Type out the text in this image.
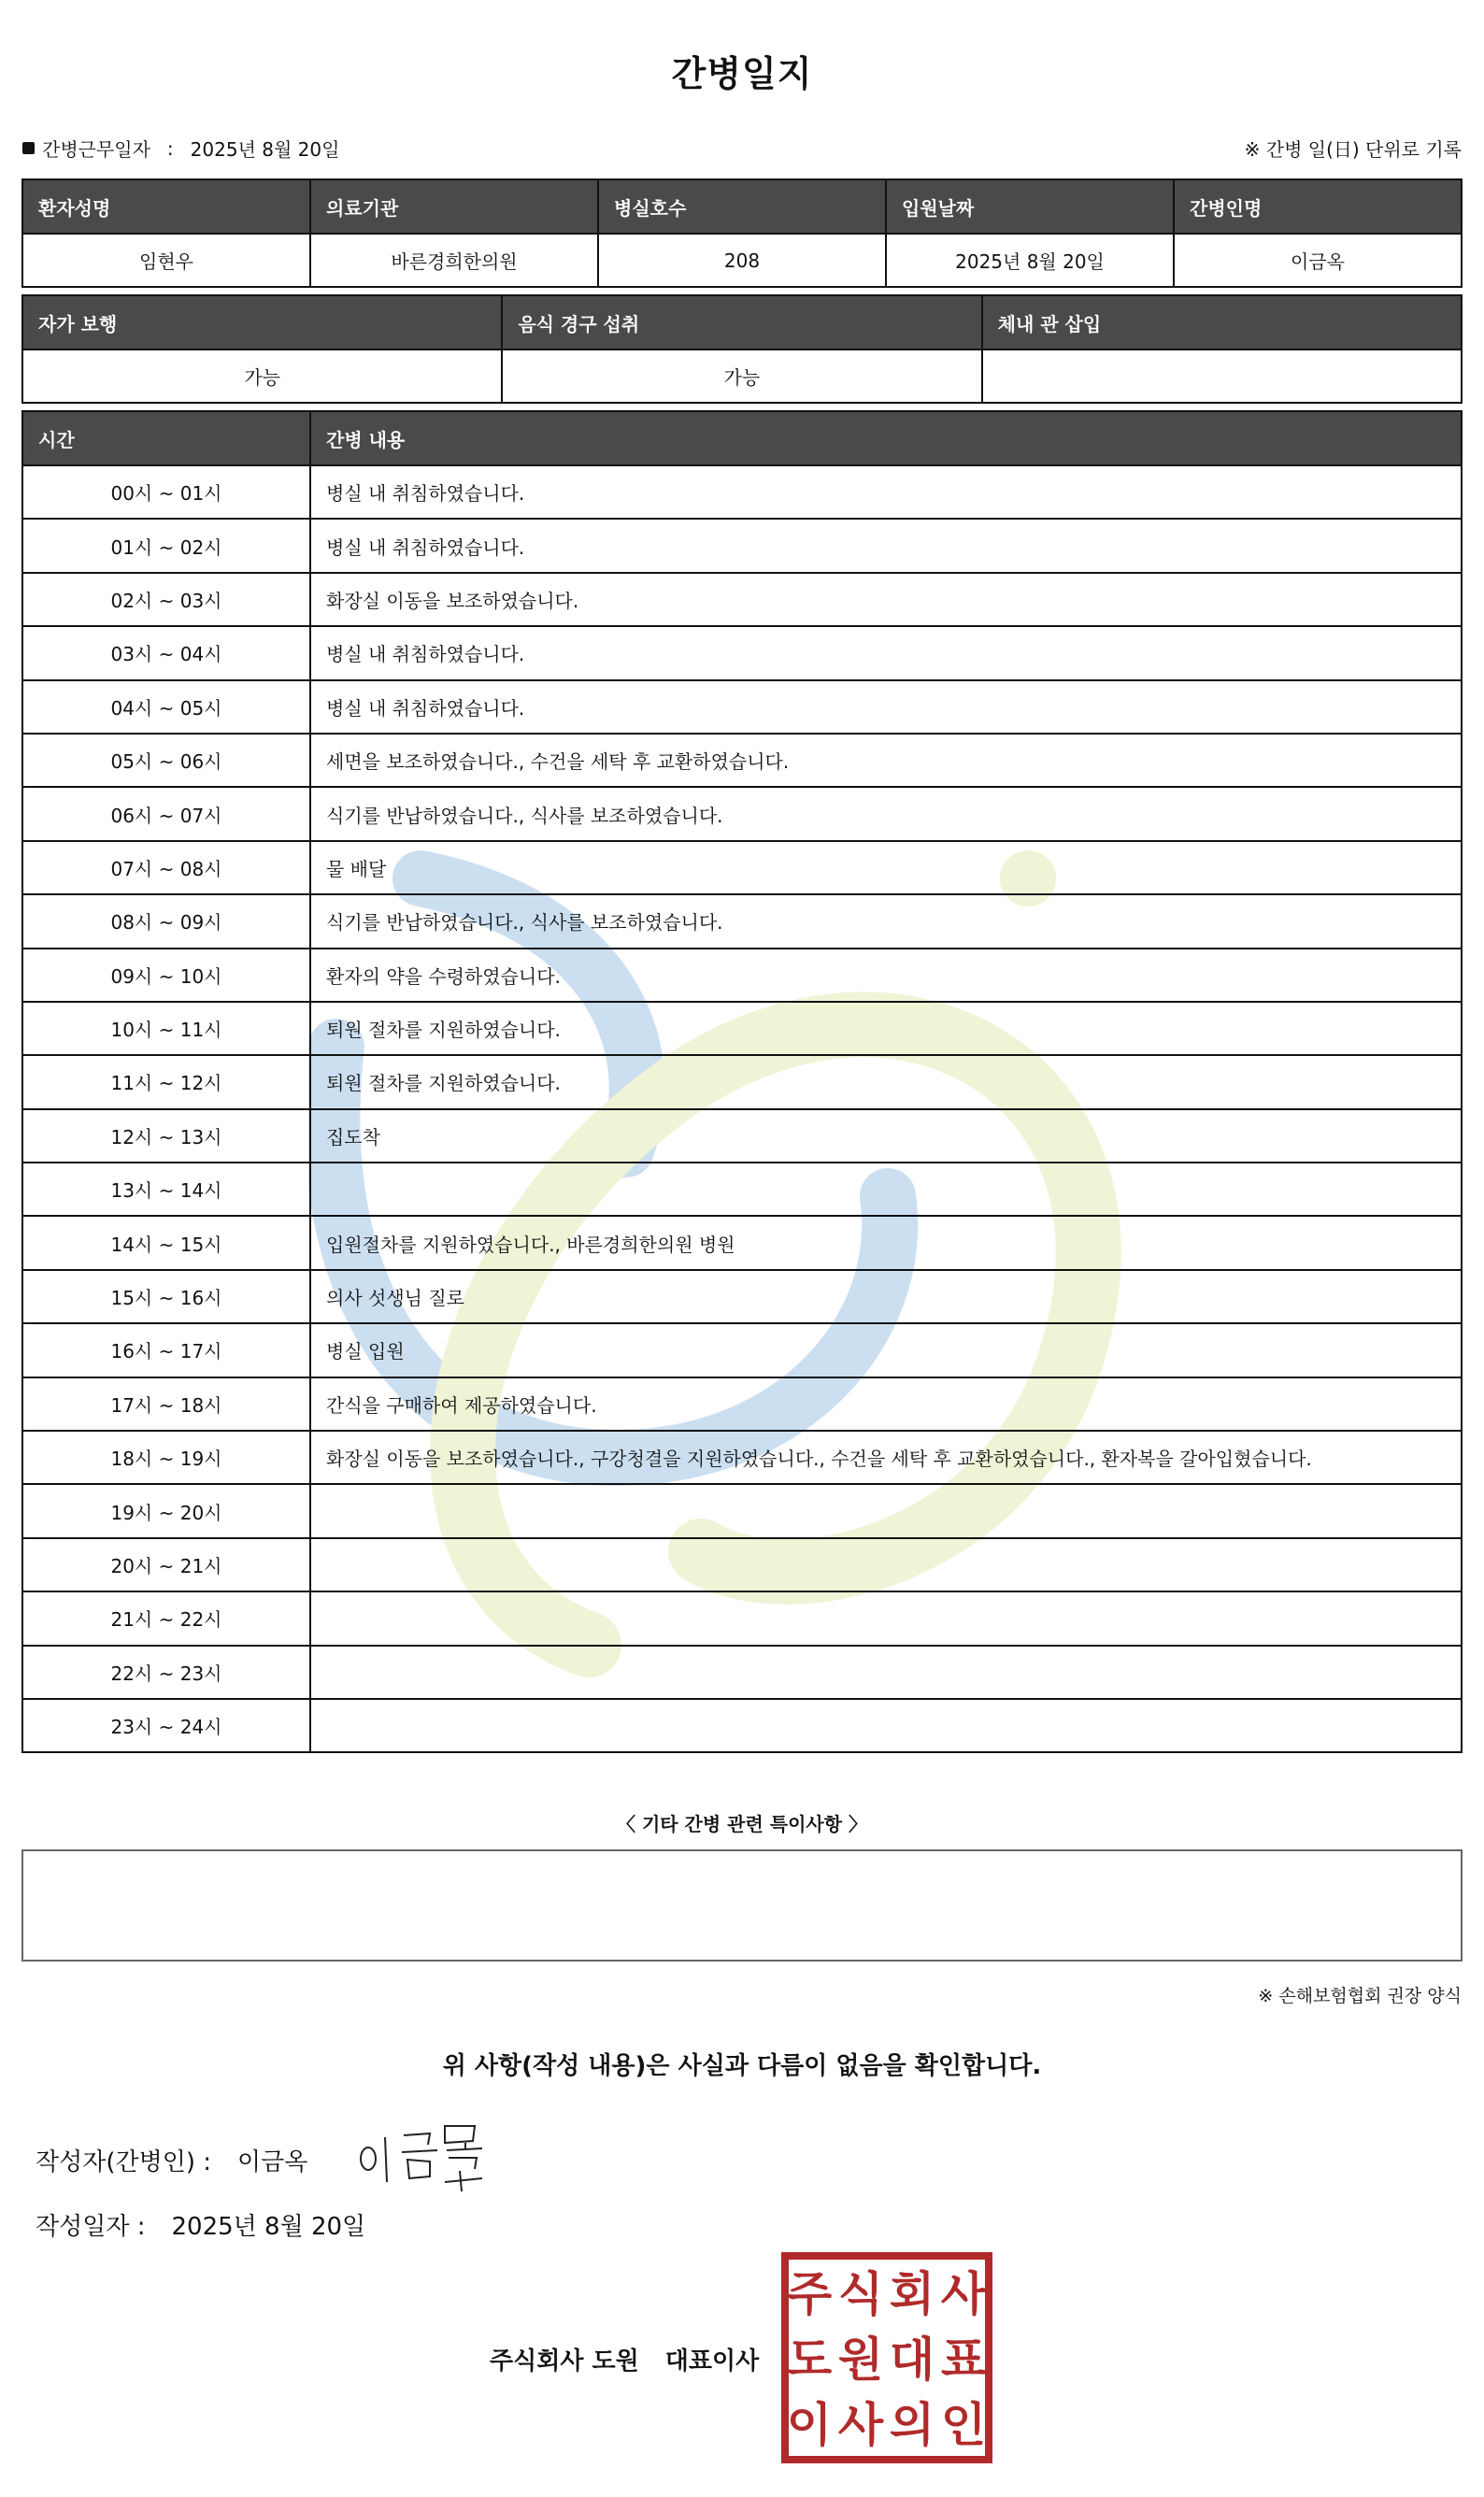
간병일지
간병근무일자 : 2025년 8월 20일	※ 간병 일(日) 단위로 기록
환자성명	의료기관	병실호수	입원날짜	간병인명
임현우	바른경희한의원	208	2025년 8월 20일	이금옥
자가 보행	음식 경구 섭취	체내 관 삽입
가능	가능	
시간	간병 내용
00시 ~ 01시	병실 내 취침하였습니다.
01시 ~ 02시	병실 내 취침하였습니다.
02시 ~ 03시	화장실 이동을 보조하였습니다.
03시 ~ 04시	병실 내 취침하였습니다.
04시 ~ 05시	병실 내 취침하였습니다.
05시 ~ 06시	세면을 보조하였습니다., 수건을 세탁 후 교환하였습니다.
06시 ~ 07시	식기를 반납하였습니다., 식사를 보조하였습니다.
07시 ~ 08시	물 배달
08시 ~ 09시	식기를 반납하였습니다., 식사를 보조하였습니다.
09시 ~ 10시	환자의 약을 수령하였습니다.
10시 ~ 11시	퇴원 절차를 지원하였습니다.
11시 ~ 12시	퇴원 절차를 지원하였습니다.
12시 ~ 13시	집도착
13시 ~ 14시	
14시 ~ 15시	입원절차를 지원하였습니다., 바른경희한의원 병원
15시 ~ 16시	의사 섯생님 질로
16시 ~ 17시	병실 입원
17시 ~ 18시	간식을 구매하여 제공하였습니다.
18시 ~ 19시	화장실 이동을 보조하였습니다., 구강청결을 지원하였습니다., 수건을 세탁 후 교환하였습니다., 환자복을 갈아입혔습니다.
19시 ~ 20시	
20시 ~ 21시	
21시 ~ 22시	
22시 ~ 23시	
23시 ~ 24시	
〈 기타 간병 관련 특이사항 〉
※ 손해보험협회 권장 양식
위 사항(작성 내용)은 사실과 다름이 없음을 확인합니다.
작성자(간병인) : 이금옥
작성일자 : 2025년 8월 20일
주식회사 도원 대표이사
주 식 회 사
도 원 대 표
이 사 의 인
